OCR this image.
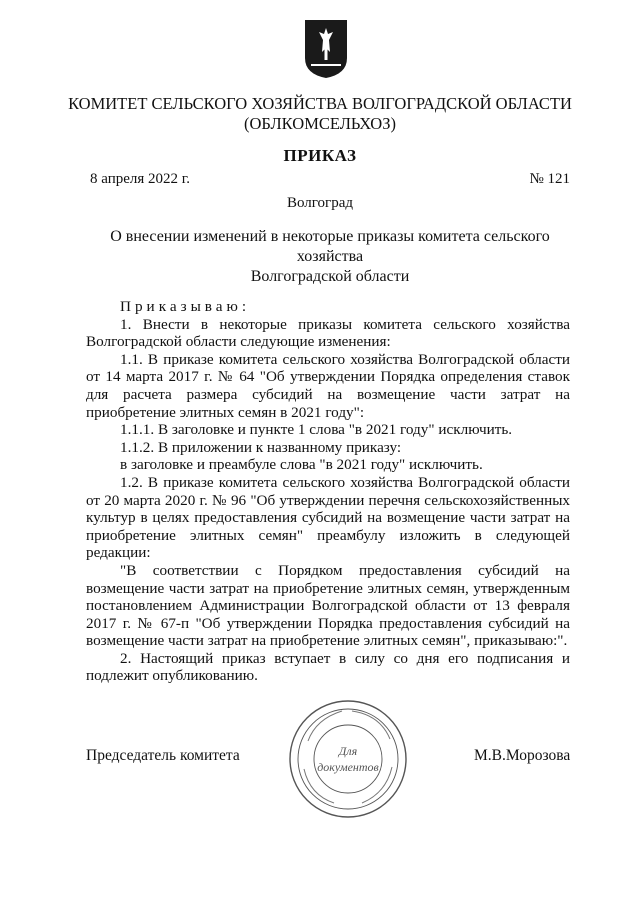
КОМИТЕТ СЕЛЬСКОГО ХОЗЯЙСТВА ВОЛГОГРАДСКОЙ ОБЛАСТИ
(ОБЛКОМСЕЛЬХОЗ)
ПРИКАЗ
8 апреля 2022 г.	№ 121
Волгоград
О внесении изменений в некоторые приказы комитета сельского хозяйства
Волгоградской области

Приказываю:

1. Внести в некоторые приказы комитета сельского хозяйства Волгоградской области следующие изменения:

1.1. В приказе комитета сельского хозяйства Волгоградской области от 14 марта 2017 г. № 64 "Об утверждении Порядка определения ставок для расчета размера субсидий на возмещение части затрат на приобретение элитных семян в 2021 году":

1.1.1. В заголовке и пункте 1 слова "в 2021 году" исключить.

1.1.2. В приложении к названному приказу:

в заголовке и преамбуле слова "в 2021 году" исключить.

1.2. В приказе комитета сельского хозяйства Волгоградской области от 20 марта 2020 г. № 96 "Об утверждении перечня сельскохозяйственных культур в целях предоставления субсидий на возмещение части затрат на приобретение элитных семян" преамбулу изложить в следующей редакции:

"В соответствии с Порядком предоставления субсидий на возмещение части затрат на приобретение элитных семян, утвержденным постановлением Администрации Волгоградской области от 13 февраля 2017 г. № 67-п "Об утверждении Порядка предоставления субсидий на возмещение части затрат на приобретение элитных семян", приказываю:".

2. Настоящий приказ вступает в силу со дня его подписания и подлежит опубликованию.

Председатель комитета	М.В.Морозова
Для
документов
